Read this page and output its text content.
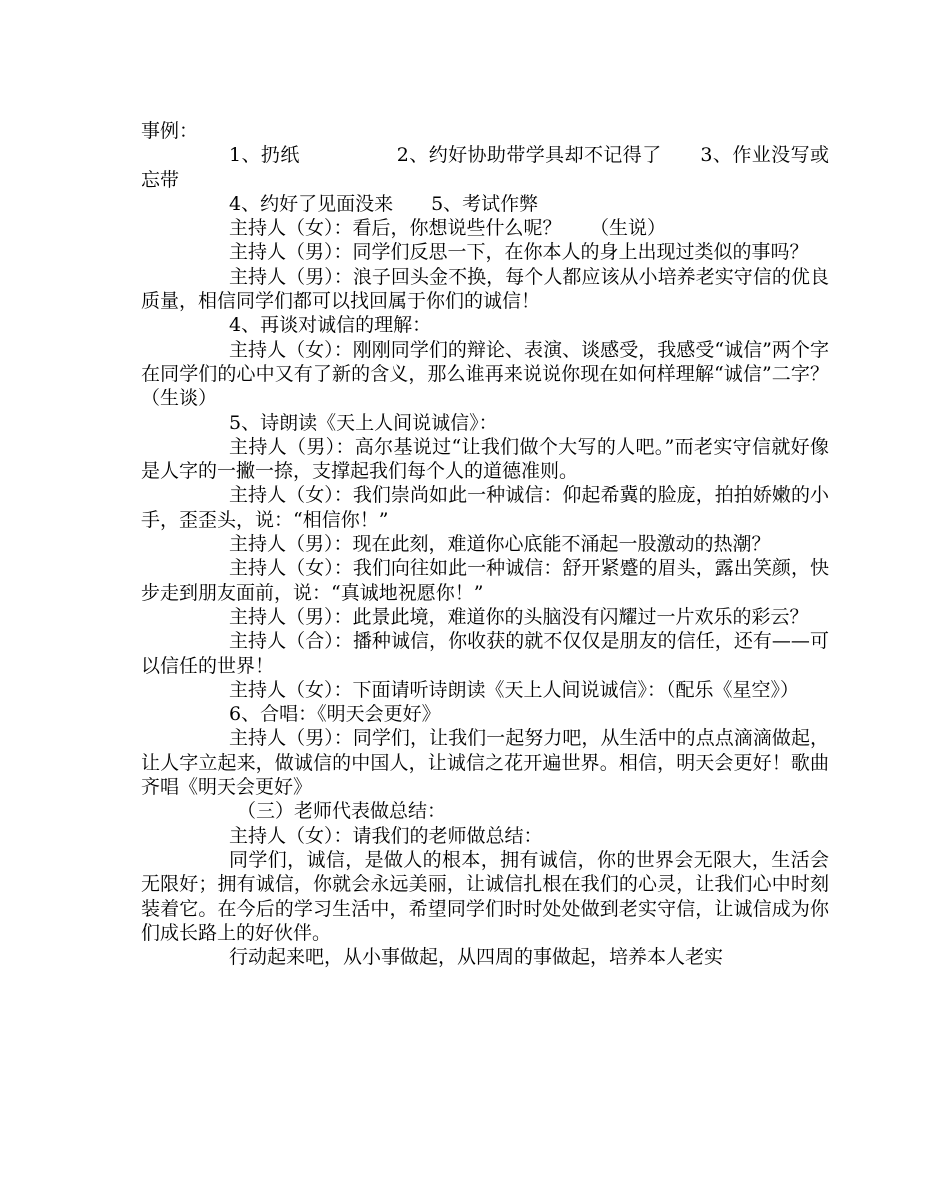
事例：

1、扔纸　　　　　2、约好协助带学具却不记得了　　3、作业没写或忘带

4、约好了见面没来　　5、考试作弊

主持人（女）：看后，你想说些什么呢？　　（生说）

主持人（男）：同学们反思一下，在你本人的身上出现过类似的事吗？

主持人（男）：浪子回头金不换，每个人都应该从小培养老实守信的优良质量，相信同学们都可以找回属于你们的诚信！

4、再谈对诚信的理解：

主持人（女）：刚刚同学们的辩论、表演、谈感受，我感受“诚信”两个字在同学们的心中又有了新的含义，那么谁再来说说你现在如何样理解“诚信”二字？　　　（生谈）

5、诗朗读《天上人间说诚信》：

主持人（男）：高尔基说过“让我们做个大写的人吧。”而老实守信就好像是人字的一撇一捺，支撑起我们每个人的道德准则。

主持人（女）：我们崇尚如此一种诚信：仰起希冀的脸庞，拍拍娇嫩的小手，歪歪头，说：“相信你！”

主持人（男）：现在此刻，难道你心底能不涌起一股激动的热潮？

主持人（女）：我们向往如此一种诚信：舒开紧蹙的眉头，露出笑颜，快步走到朋友面前，说：“真诚地祝愿你！”

主持人（男）：此景此境，难道你的头脑没有闪耀过一片欢乐的彩云？

主持人（合）：播种诚信，你收获的就不仅仅是朋友的信任，还有——可以信任的世界！

主持人（女）：下面请听诗朗读《天上人间说诚信》：（配乐《星空》）

6、合唱：《明天会更好》

主持人（男）：同学们，让我们一起努力吧，从生活中的点点滴滴做起，让人字立起来，做诚信的中国人，让诚信之花开遍世界。相信，明天会更好！歌曲齐唱《明天会更好》

（三）老师代表做总结：

主持人（女）：请我们的老师做总结：

同学们，诚信，是做人的根本，拥有诚信，你的世界会无限大，生活会无限好；拥有诚信，你就会永远美丽，让诚信扎根在我们的心灵，让我们心中时刻装着它。在今后的学习生活中，希望同学们时时处处做到老实守信，让诚信成为你们成长路上的好伙伴。

行动起来吧，从小事做起，从四周的事做起，培养本人老实
